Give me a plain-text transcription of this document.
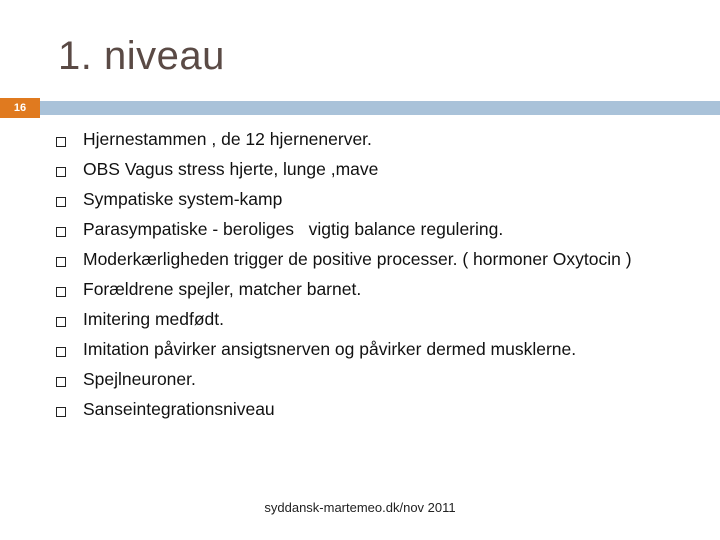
1. niveau
16
Hjernestammen , de 12 hjernenerver.
OBS Vagus stress hjerte, lunge ,mave
Sympatiske system-kamp
Parasympatiske - beroliges   vigtig balance regulering.
Moderkærligheden trigger de positive processer. ( hormoner Oxytocin )
Forældrene spejler, matcher barnet.
Imitering medfødt.
Imitation påvirker ansigtsnerven og påvirker dermed musklerne.
Spejlneuroner.
Sanseintegrationsniveau
syddansk-martemeo.dk/nov 2011
